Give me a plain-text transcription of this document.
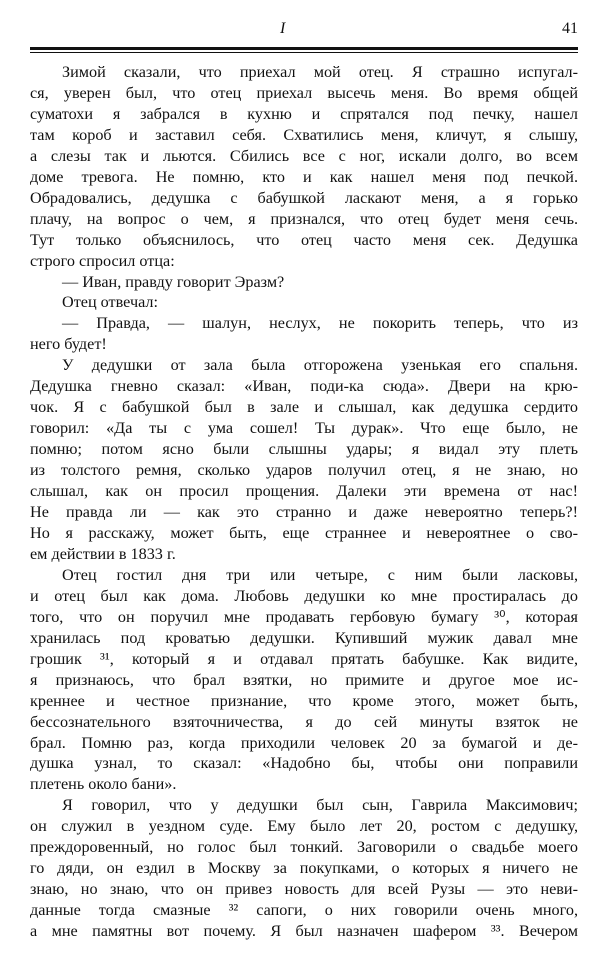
I	41
Зимой сказали, что приехал мой отец. Я страшно испугал-
ся, уверен был, что отец приехал высечь меня. Во время общей
суматохи я забрался в кухню и спрятался под печку, нашел
там короб и заставил себя. Схватились меня, кличут, я слышу,
а слезы так и льются. Сбились все с ног, искали долго, во всем
доме тревога. Не помню, кто и как нашел меня под печкой.
Обрадовались, дедушка с бабушкой ласкают меня, а я горько
плачу, на вопрос о чем, я признался, что отец будет меня сечь.
Тут только объяснилось, что отец часто меня сек. Дедушка
строго спросил отца:
— Иван, правду говорит Эразм?
Отец отвечал:
— Правда, — шалун, неслух, не покорить теперь, что из
него будет!
У дедушки от зала была отгорожена узенькая его спальня.
Дедушка гневно сказал: «Иван, поди-ка сюда». Двери на крю-
чок. Я с бабушкой был в зале и слышал, как дедушка сердито
говорил: «Да ты с ума сошел! Ты дурак». Что еще было, не
помню; потом ясно были слышны удары; я видал эту плеть
из толстого ремня, сколько ударов получил отец, я не знаю, но
слышал, как он просил прощения. Далеки эти времена от нас!
Не правда ли — как это странно и даже невероятно теперь?!
Но я расскажу, может быть, еще страннее и невероятнее о сво-
ем действии в 1833 г.
Отец гостил дня три или четыре, с ним были ласковы,
и отец был как дома. Любовь дедушки ко мне простиралась до
того, что он поручил мне продавать гербовую бумагу ³⁰, которая
хранилась под кроватью дедушки. Купивший мужик давал мне
грошик ³¹, который я и отдавал прятать бабушке. Как видите,
я признаюсь, что брал взятки, но примите и другое мое ис-
креннее и честное признание, что кроме этого, может быть,
бессознательного взяточничества, я до сей минуты взяток не
брал. Помню раз, когда приходили человек 20 за бумагой и де-
душка узнал, то сказал: «Надобно бы, чтобы они поправили
плетень около бани».
Я говорил, что у дедушки был сын, Гаврила Максимович;
он служил в уездном суде. Ему было лет 20, ростом с дедушку,
преждоровенный, но голос был тонкий. Заговорили о свадьбе моего
го дяди, он ездил в Москву за покупками, о которых я ничего не
знаю, но знаю, что он привез новость для всей Рузы — это неви-
данные тогда смазные ³² сапоги, о них говорили очень много,
а мне памятны вот почему. Я был назначен шафером ³³. Вечером
